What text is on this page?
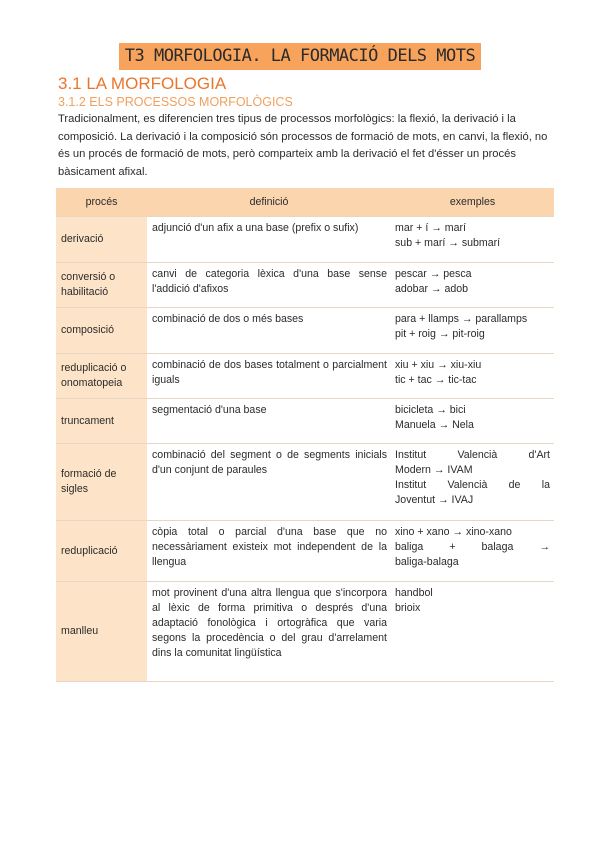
T3 MORFOLOGIA. LA FORMACIÓ DELS MOTS
3.1 LA MORFOLOGIA
3.1.2 ELS PROCESSOS MORFOLÒGICS
Tradicionalment, es diferencien tres tipus de processos morfològics: la flexió, la derivació i la composició. La derivació i la composició són processos de formació de mots, en canvi, la flexió, no és un procés de formació de mots, però comparteix amb la derivació el fet d'ésser un procés bàsicament afixal.
procés	definició	exemples
derivació	adjunció d'un afix a una base (prefix o sufix)	mar + í → marí
sub + marí → submarí

conversió o habilitació	canvi de categoria lèxica d'una base sense l'addició d'afixos	pescar → pesca
adobar → adob

composició	combinació de dos o més bases	para + llamps → parallamps
pit + roig → pit-roig

reduplicació o onomatopeia	combinació de dos bases totalment o parcialment iguals	xiu + xiu → xiu-xiu
tic + tac → tic-tac

truncament	segmentació d'una base	bicicleta → bici
Manuela → Nela

formació de sigles	combinació del segment o de segments inicials d'un conjunt de paraules	Institut Valencià d'Art
Modern → IVAM
Institut Valencià de la
Joventut → IVAJ

reduplicació	còpia total o parcial d'una base que no necessàriament existeix mot independent de la llengua	xino + xano → xino-xano
baliga + balaga →
baliga-balaga

manlleu	mot provinent d'una altra llengua que s'incorpora al lèxic de forma primitiva o després d'una adaptació fonològica i ortogràfica que varia segons la procedència o del grau d'arrelament dins la comunitat lingüística	handbol
brioix
